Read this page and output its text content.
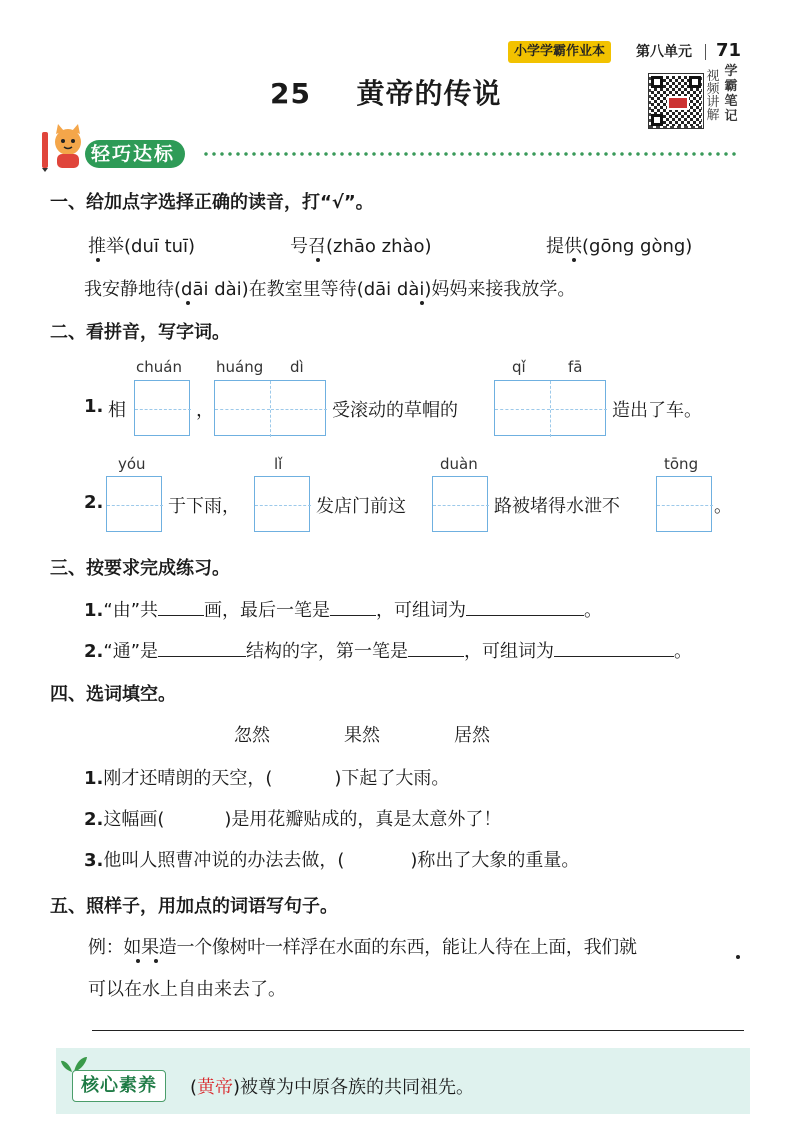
小学学霸作业本	第八单元 71
25 黄帝的传说
视
频
讲
解
学
霸
笔
记
轻巧达标
一、给加点字选择正确的读音，打“√”。
推举(duī tuī)	号召(zhāo zhào)	提供(gōng gòng)
我安静地待(dāi dài)在教室里等待(dāi dài)妈妈来接我放学。
二、看拼音，写字词。
chuán huáng dì	qǐ	fā
1. 相	，	受滚动的草帽的	造出了车。
yóu	lǐ	duàn	tōng
2.	于下雨，	发店门前这	路被堵得水泄不	。
三、按要求完成练习。
1.“由”共	画，最后一笔是	，可组词为	。
2.“通”是	结构的字，第一笔是	，可组词为	。
四、选词填空。
忽然	果然	居然
1.刚才还晴朗的天空，(	)下起了大雨。
2.这幅画(	)是用花瓣贴成的，真是太意外了！
3.他叫人照曹冲说的办法去做，(	)称出了大象的重量。
五、照样子，用加点的词语写句子。
例：如果造一个像树叶一样浮在水面的东西，能让人待在上面，我们就
可以在水上自由来去了。
核心素养	(黄帝)被尊为中原各族的共同祖先。
